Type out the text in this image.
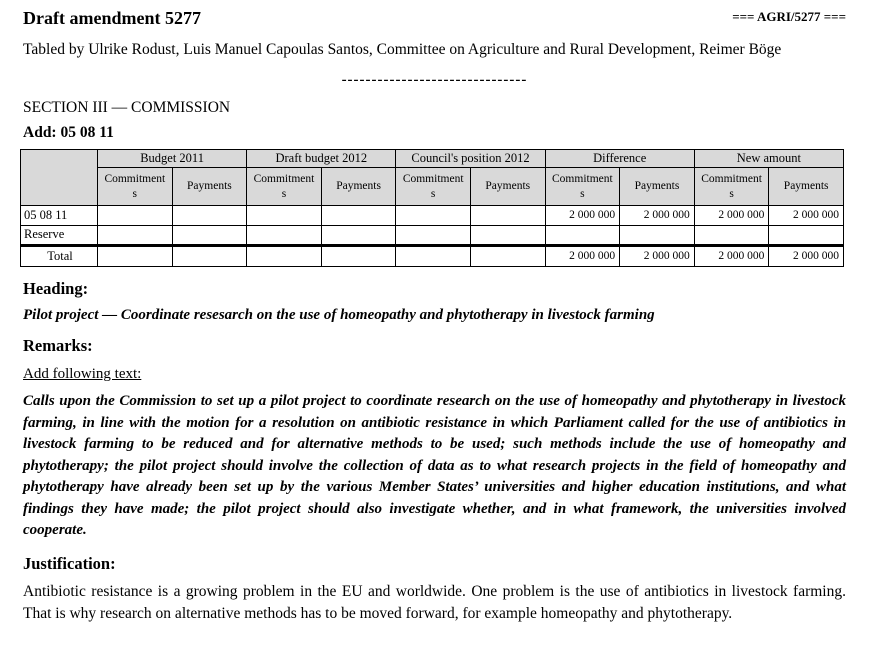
Draft amendment 5277	=== AGRI/5277 ===

Tabled by Ulrike Rodust, Luis Manuel Capoulas Santos, Committee on Agriculture and Rural Development, Reimer Böge

-------------------------------

SECTION III — COMMISSION

Add: 05 08 11

	Budget 2011		Draft budget 2012		Council's position 2012		Difference		New amount	
	Commitments	Payments	Commitments	Payments	Commitments	Payments	Commitments	Payments	Commitments	Payments
05 08 11							2 000 000	2 000 000	2 000 000	2 000 000
Reserve										
Total							2 000 000	2 000 000	2 000 000	2 000 000
Heading:

Pilot project — Coordinate resesarch on the use of homeopathy and phytotherapy in livestock farming

Remarks:

Add following text:

Calls upon the Commission to set up a pilot project to coordinate research on the use of homeopathy and phytotherapy in livestock farming, in line with the motion for a resolution on antibiotic resistance in which Parliament called for the use of antibiotics in livestock farming to be reduced and for alternative methods to be used; such methods include the use of homeopathy and phytotherapy; the pilot project should involve the collection of data as to what research projects in the field of homeopathy and phytotherapy have already been set up by the various Member States’ universities and higher education institutions, and what findings they have made; the pilot project should also investigate whether, and in what framework, the universities involved cooperate.

Justification:

Antibiotic resistance is a growing problem in the EU and worldwide. One problem is the use of antibiotics in livestock farming. That is why research on alternative methods has to be moved forward, for example homeopathy and phytotherapy.
